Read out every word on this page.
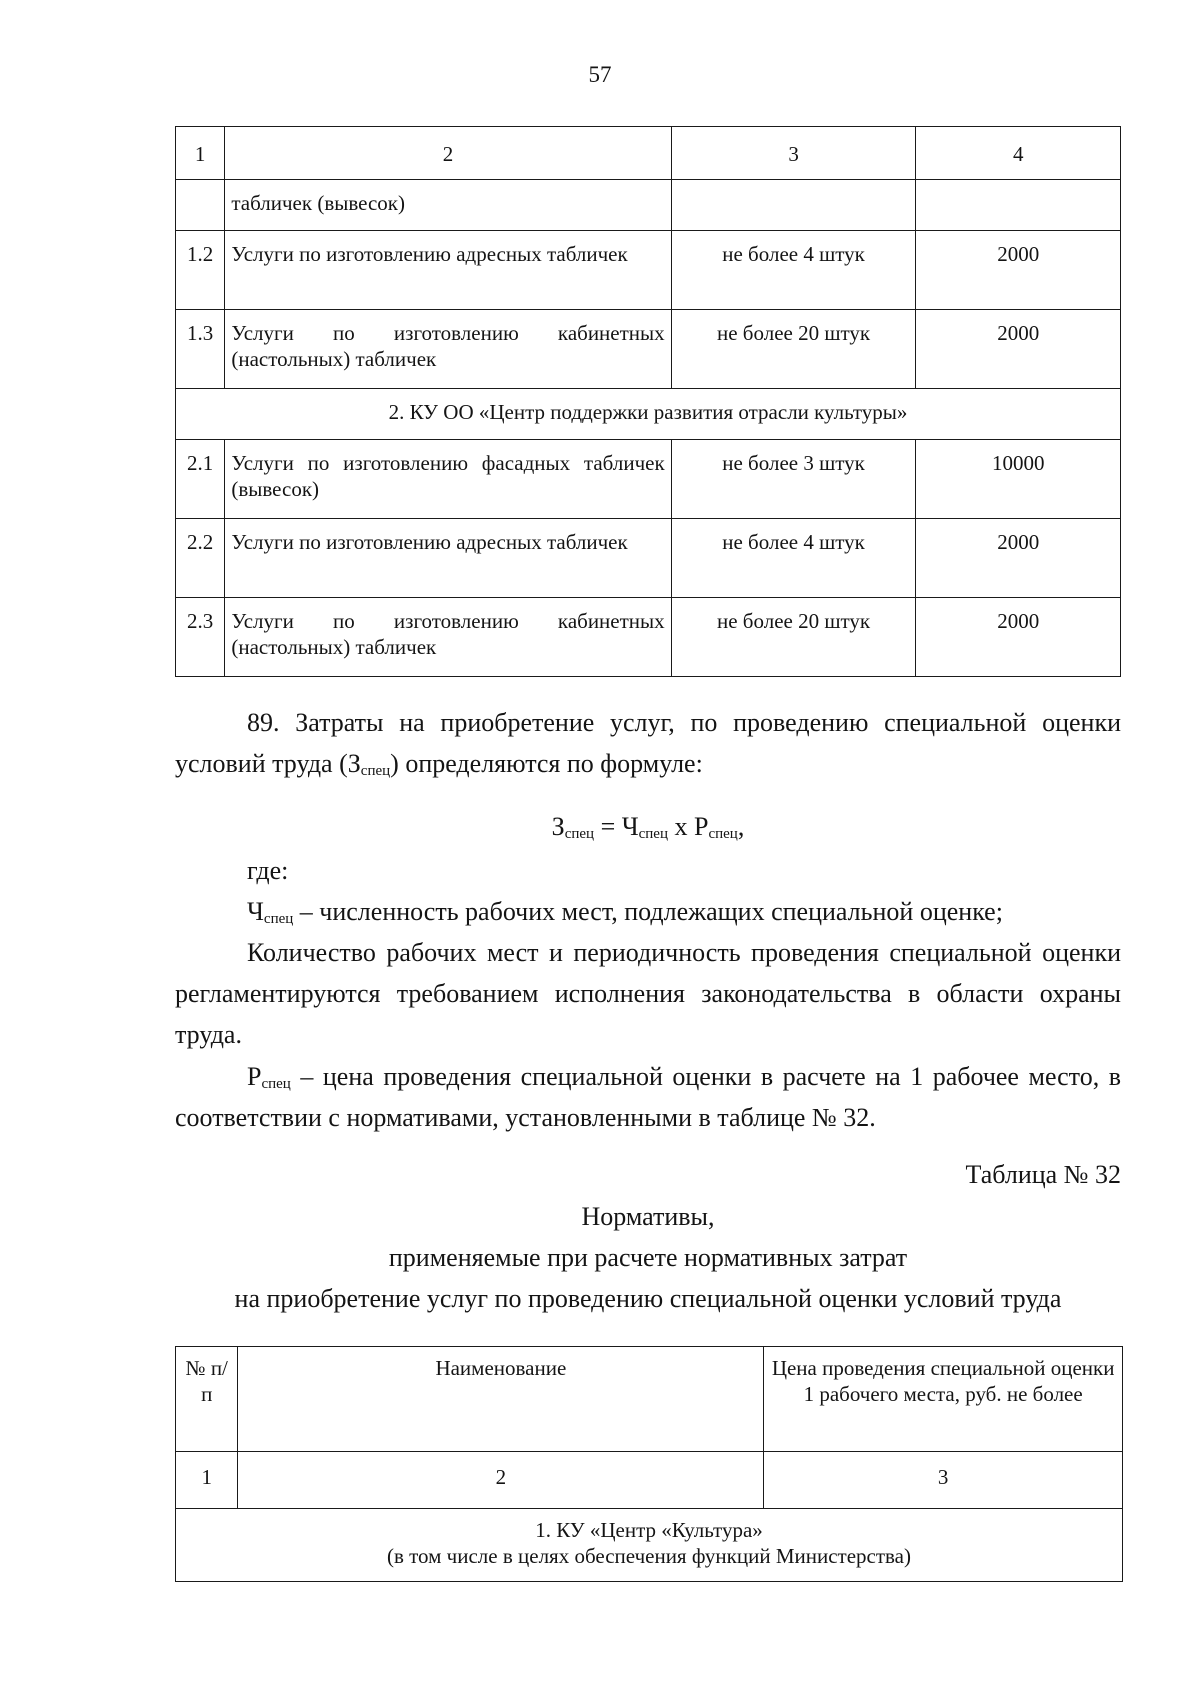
57
1	2	3	4
	табличек (вывесок)		
1.2	Услуги по изготовлению адресных табличек	не более 4 штук	2000
1.3	Услуги по изготовлению кабинетных (настольных) табличек	не более 20 штук	2000
2. КУ ОО «Центр поддержки развития отрасли культуры»			
2.1	Услуги по изготовлению фасадных табличек (вывесок)	не более 3 штук	10000
2.2	Услуги по изготовлению адресных табличек	не более 4 штук	2000
2.3	Услуги по изготовлению кабинетных (настольных) табличек	не более 20 штук	2000

89. Затраты на приобретение услуг, по проведению специальной оценки условий труда $(З_{спец})$ определяются по формуле:

$З_{спец} = Ч_{спец}$ х $Р_{спец}$,

где:

$Ч_{спец}$ – численность рабочих мест, подлежащих специальной оценке;

Количество рабочих мест и периодичность проведения специальной оценки регламентируются требованием исполнения законодательства в области охраны труда.

$Р_{спец}$ – цена проведения специальной оценки в расчете на 1 рабочее место, в соответствии с нормативами, установленными в таблице № 32.

Таблица № 32

Нормативы,

применяемые при расчете нормативных затрат

на приобретение услуг по проведению специальной оценки условий труда

№ п/п	Наименование	Цена проведения специальной оценки 1 рабочего места, руб. не более
1	2	3

1. КУ «Центр «Культура»
(в том числе в целях обеспечения функций Министерства)		
